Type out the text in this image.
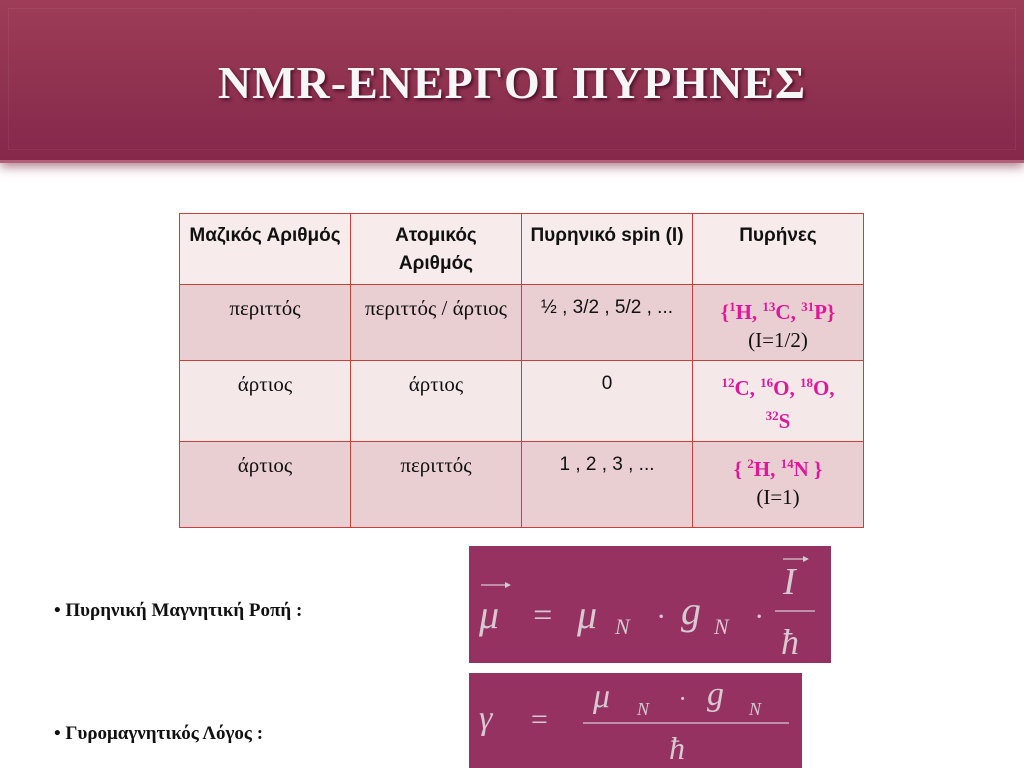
NMR-ΕΝΕΡΓΟΙ ΠΥΡΗΝΕΣ
Μαζικός Αριθμός	Ατομικός Αριθμός	Πυρηνικό spin (I)	Πυρήνες
περιττός	περιττός / άρτιος	½ , 3/2 , 5/2 , ...	{$^1$H, $^{13}$C, $^{31}$P}
(I=1/2)
άρτιος	άρτιος	0	$^{12}$C, $^{16}$O, $^{18}$O,
$^{32}$S
άρτιος	περιττός	1 , 2 , 3 , ...	{ $^2$H, $^{14}$N }
(I=1)
• Πυρηνική Μαγνητική Ροπή :
• Γυρομαγνητικός Λόγος :
μ = μ N · g N ·
I
ħ
γ =
μ N · g N
ħ
